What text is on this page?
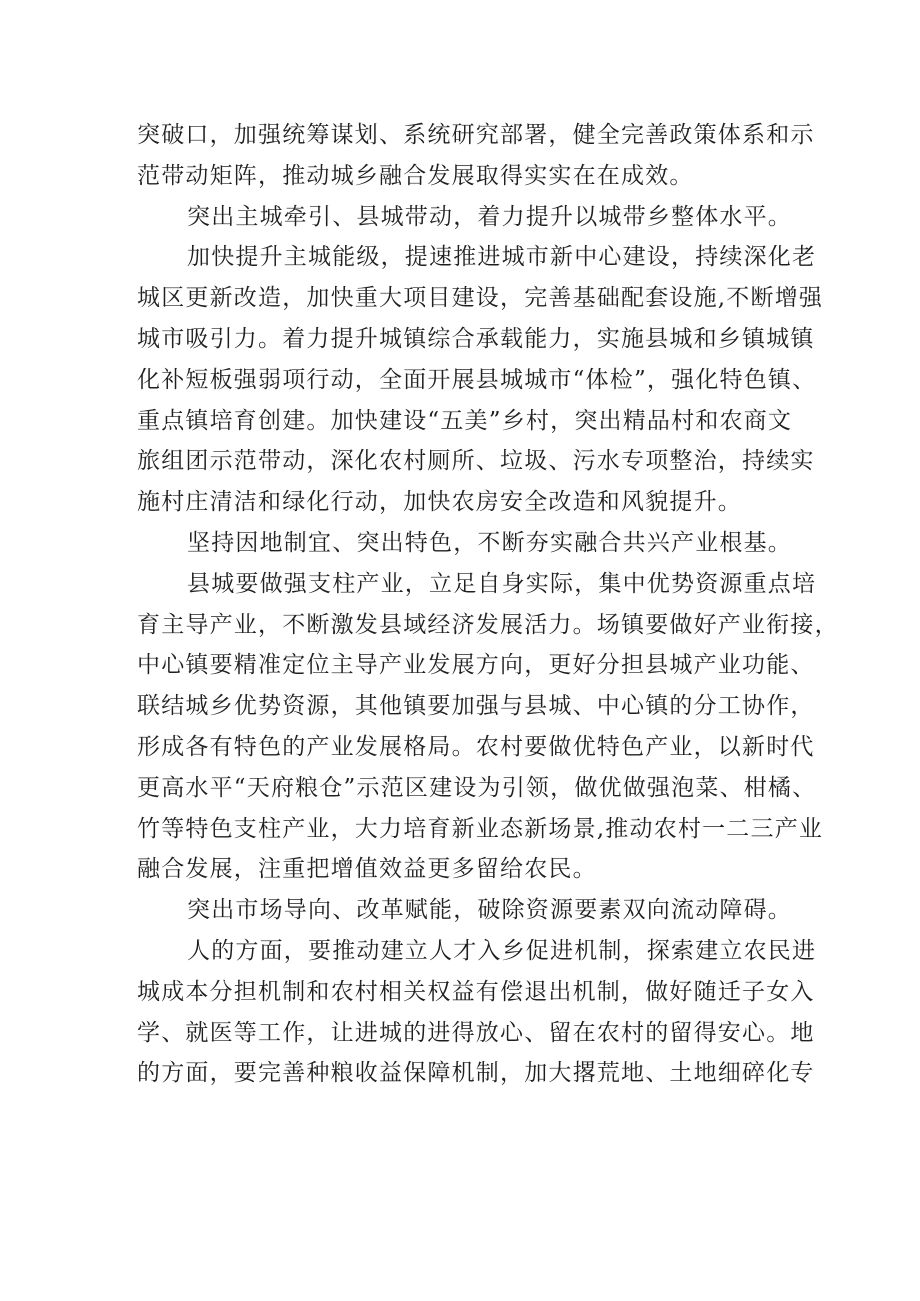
突破口，加强统筹谋划、系统研究部署，健全完善政策体系和示

范带动矩阵，推动城乡融合发展取得实实在在成效。

突出主城牵引、县城带动，着力提升以城带乡整体水平。

加快提升主城能级，提速推进城市新中心建设，持续深化老

城区更新改造，加快重大项目建设，完善基础配套设施,不断增强

城市吸引力。着力提升城镇综合承载能力，实施县城和乡镇城镇

化补短板强弱项行动，全面开展县城城市“体检”，强化特色镇、

重点镇培育创建。加快建设“五美”乡村，突出精品村和农商文

旅组团示范带动，深化农村厕所、垃圾、污水专项整治，持续实

施村庄清洁和绿化行动，加快农房安全改造和风貌提升。

坚持因地制宜、突出特色，不断夯实融合共兴产业根基。

县城要做强支柱产业，立足自身实际，集中优势资源重点培

育主导产业，不断激发县域经济发展活力。场镇要做好产业衔接，

中心镇要精准定位主导产业发展方向，更好分担县城产业功能、

联结城乡优势资源，其他镇要加强与县城、中心镇的分工协作，

形成各有特色的产业发展格局。农村要做优特色产业，以新时代

更高水平“天府粮仓”示范区建设为引领，做优做强泡菜、柑橘、

竹等特色支柱产业，大力培育新业态新场景,推动农村一二三产业

融合发展，注重把增值效益更多留给农民。

突出市场导向、改革赋能，破除资源要素双向流动障碍。

人的方面，要推动建立人才入乡促进机制，探索建立农民进

城成本分担机制和农村相关权益有偿退出机制，做好随迁子女入

学、就医等工作，让进城的进得放心、留在农村的留得安心。地

的方面，要完善种粮收益保障机制，加大撂荒地、土地细碎化专
